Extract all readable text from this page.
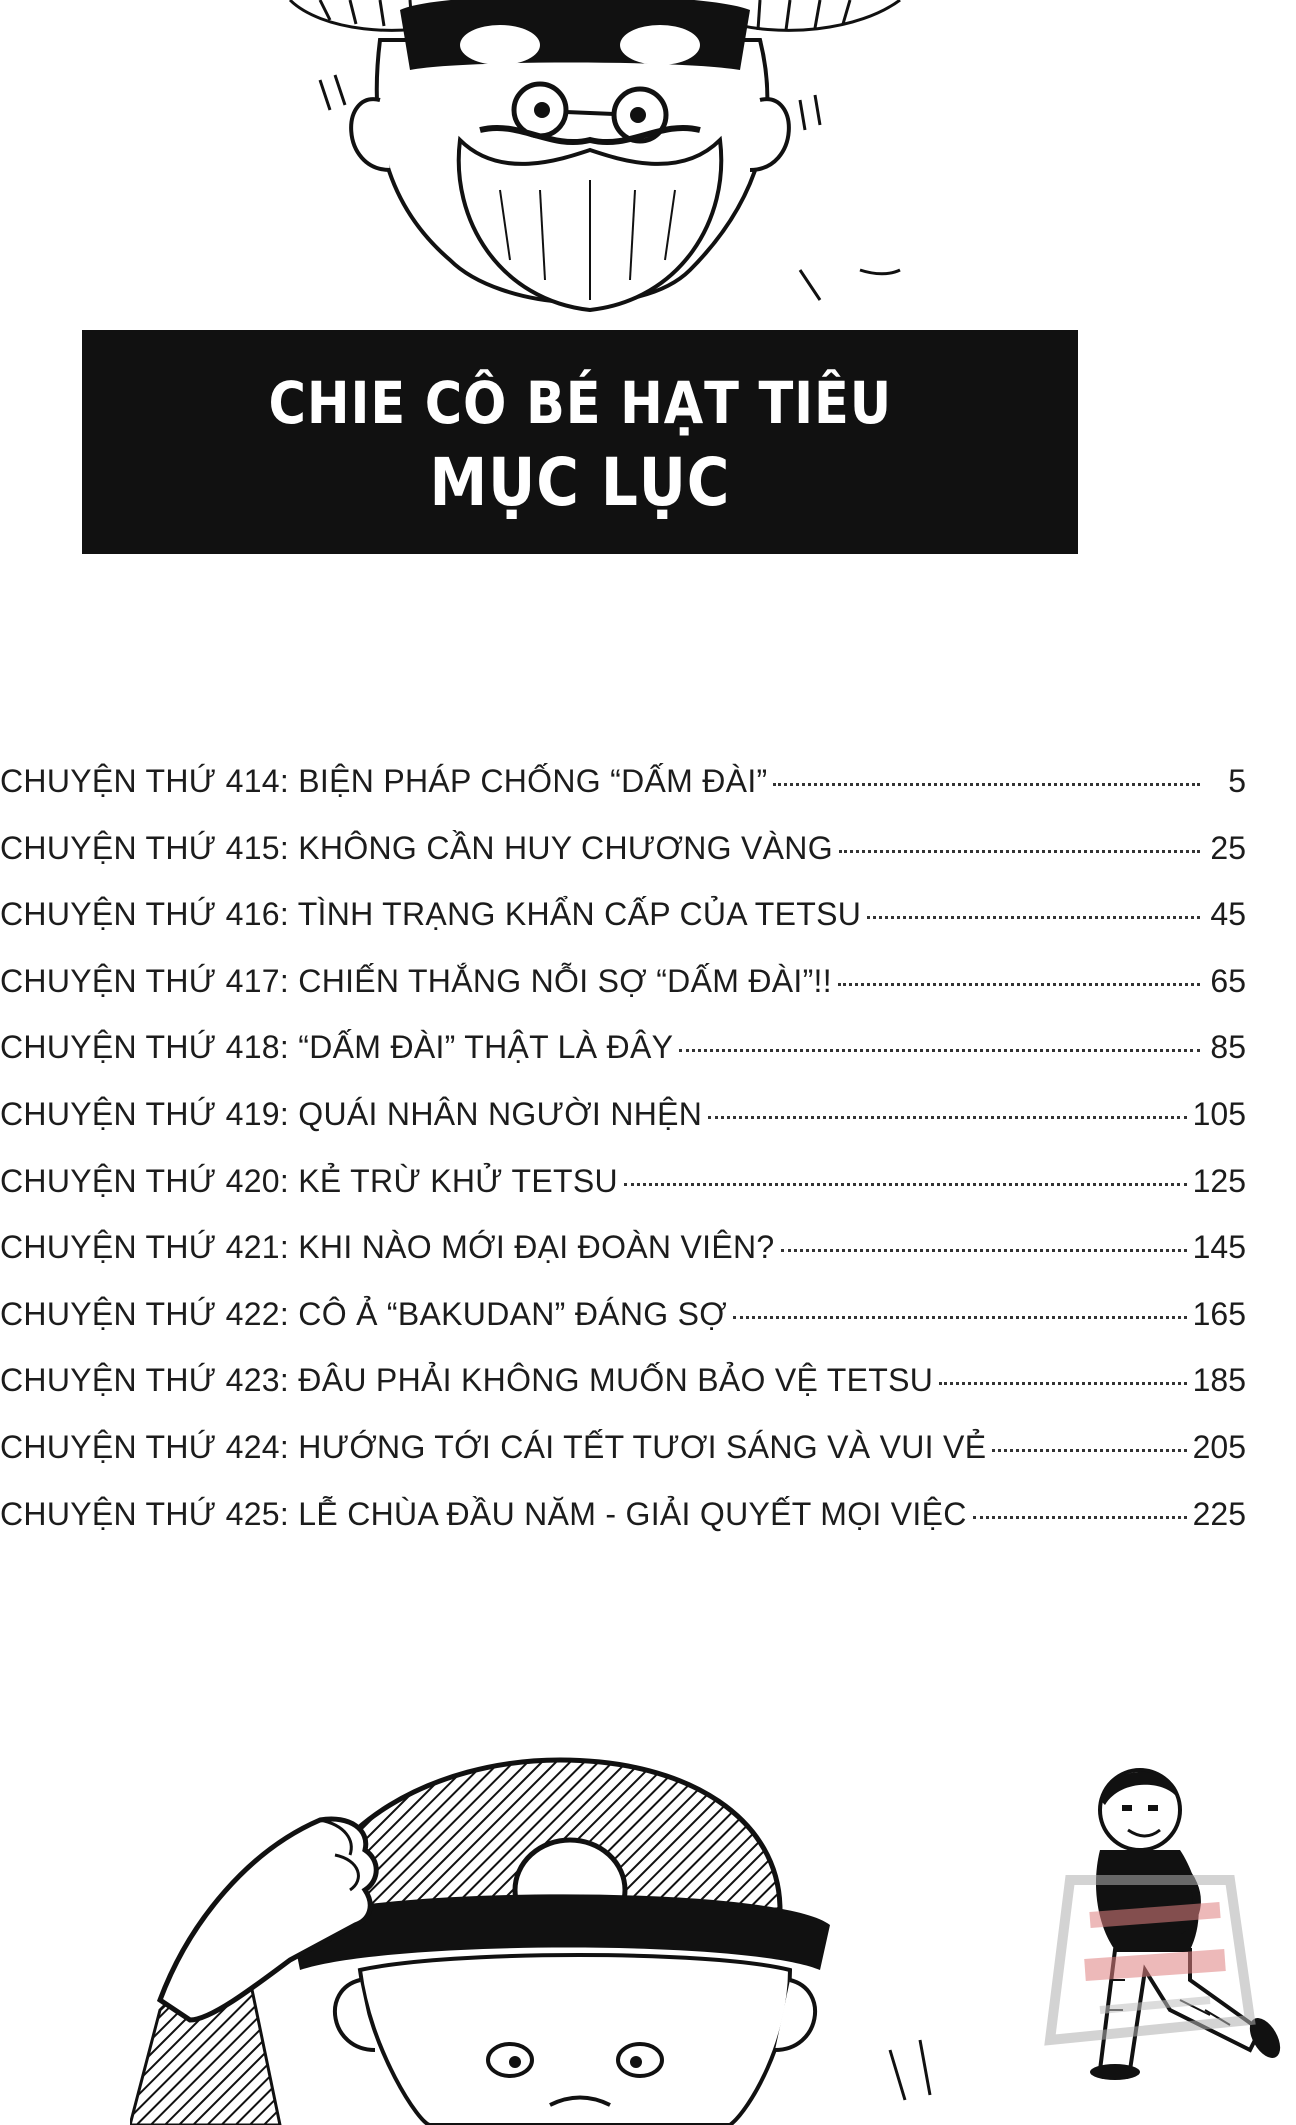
CHIE CÔ BÉ HẠT TIÊU
MỤC LỤC
CHUYỆN THỨ 414: BIỆN PHÁP CHỐNG “DẤM ĐÀI”	5
CHUYỆN THỨ 415: KHÔNG CẦN HUY CHƯƠNG VÀNG	25
CHUYỆN THỨ 416: TÌNH TRẠNG KHẨN CẤP CỦA TETSU	45
CHUYỆN THỨ 417: CHIẾN THẮNG NỖI SỢ “DẤM ĐÀI”!!	65
CHUYỆN THỨ 418: “DẤM ĐÀI” THẬT LÀ ĐÂY	85
CHUYỆN THỨ 419: QUÁI NHÂN NGƯỜI NHỆN	105
CHUYỆN THỨ 420: KẺ TRỪ KHỬ TETSU	125
CHUYỆN THỨ 421: KHI NÀO MỚI ĐẠI ĐOÀN VIÊN?	145
CHUYỆN THỨ 422: CÔ Ả “BAKUDAN” ĐÁNG SỢ	165
CHUYỆN THỨ 423: ĐÂU PHẢI KHÔNG MUỐN BẢO VỆ TETSU	185
CHUYỆN THỨ 424: HƯỚNG TỚI CÁI TẾT TƯƠI SÁNG VÀ VUI VẺ	205
CHUYỆN THỨ 425: LỄ CHÙA ĐẦU NĂM - GIẢI QUYẾT MỌI VIỆC	225
